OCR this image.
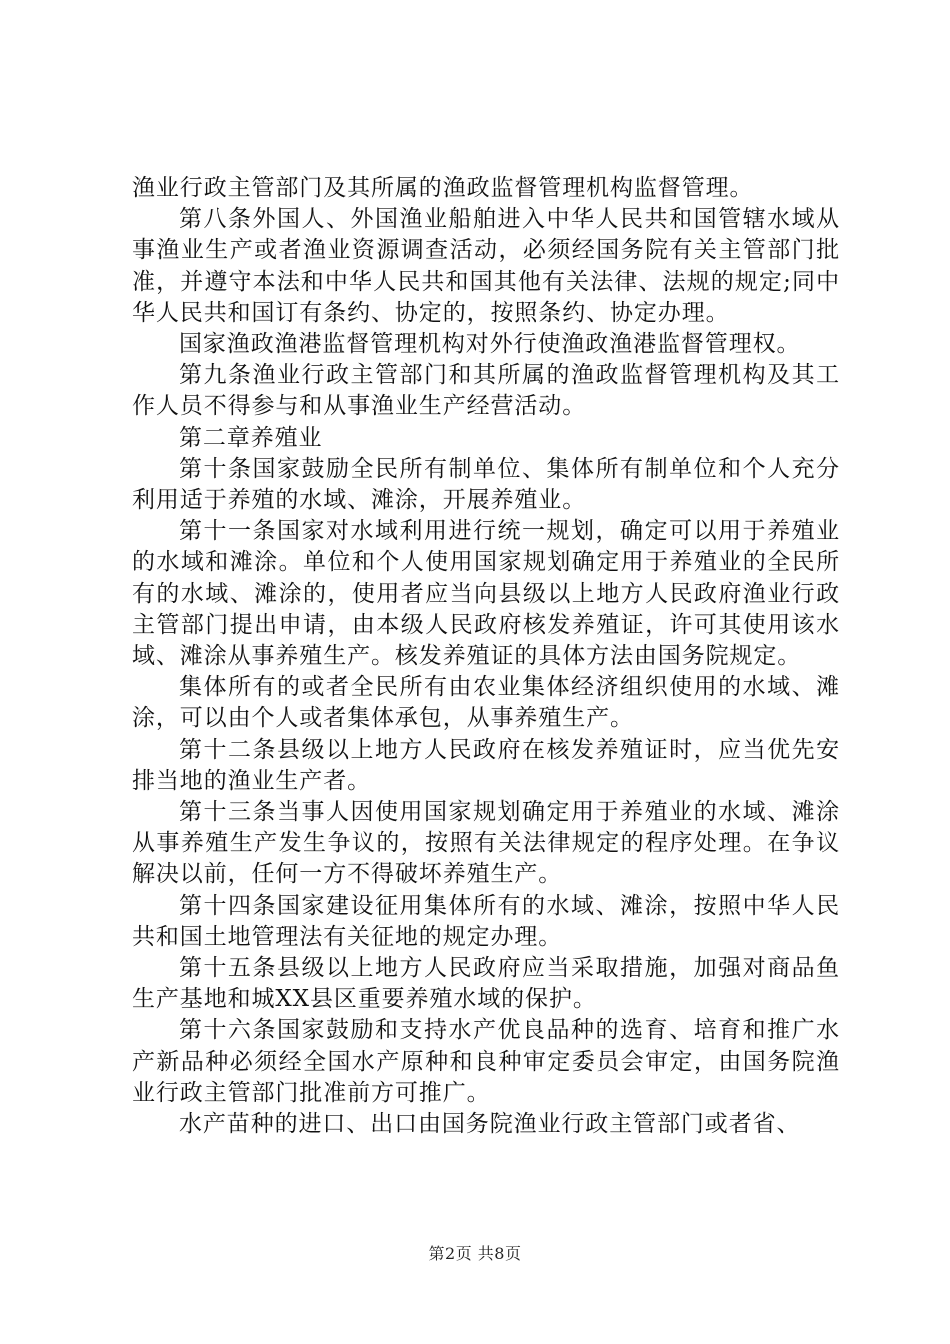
渔业行政主管部门及其所属的渔政监督管理机构监督管理。

第八条外国人、外国渔业船舶进入中华人民共和国管辖水域从事渔业生产或者渔业资源调查活动，必须经国务院有关主管部门批准，并遵守本法和中华人民共和国其他有关法律、法规的规定;同中华人民共和国订有条约、协定的，按照条约、协定办理。

国家渔政渔港监督管理机构对外行使渔政渔港监督管理权。

第九条渔业行政主管部门和其所属的渔政监督管理机构及其工作人员不得参与和从事渔业生产经营活动。

第二章养殖业

第十条国家鼓励全民所有制单位、集体所有制单位和个人充分利用适于养殖的水域、滩涂，开展养殖业。

第十一条国家对水域利用进行统一规划，确定可以用于养殖业的水域和滩涂。单位和个人使用国家规划确定用于养殖业的全民所有的水域、滩涂的，使用者应当向县级以上地方人民政府渔业行政主管部门提出申请，由本级人民政府核发养殖证，许可其使用该水域、滩涂从事养殖生产。核发养殖证的具体方法由国务院规定。

集体所有的或者全民所有由农业集体经济组织使用的水域、滩涂，可以由个人或者集体承包，从事养殖生产。

第十二条县级以上地方人民政府在核发养殖证时，应当优先安排当地的渔业生产者。

第十三条当事人因使用国家规划确定用于养殖业的水域、滩涂从事养殖生产发生争议的，按照有关法律规定的程序处理。在争议解决以前，任何一方不得破坏养殖生产。

第十四条国家建设征用集体所有的水域、滩涂，按照中华人民共和国土地管理法有关征地的规定办理。

第十五条县级以上地方人民政府应当采取措施，加强对商品鱼生产基地和城XX县区重要养殖水域的保护。

第十六条国家鼓励和支持水产优良品种的选育、培育和推广水产新品种必须经全国水产原种和良种审定委员会审定，由国务院渔业行政主管部门批准前方可推广。

水产苗种的进口、出口由国务院渔业行政主管部门或者省、

第2页 共8页
